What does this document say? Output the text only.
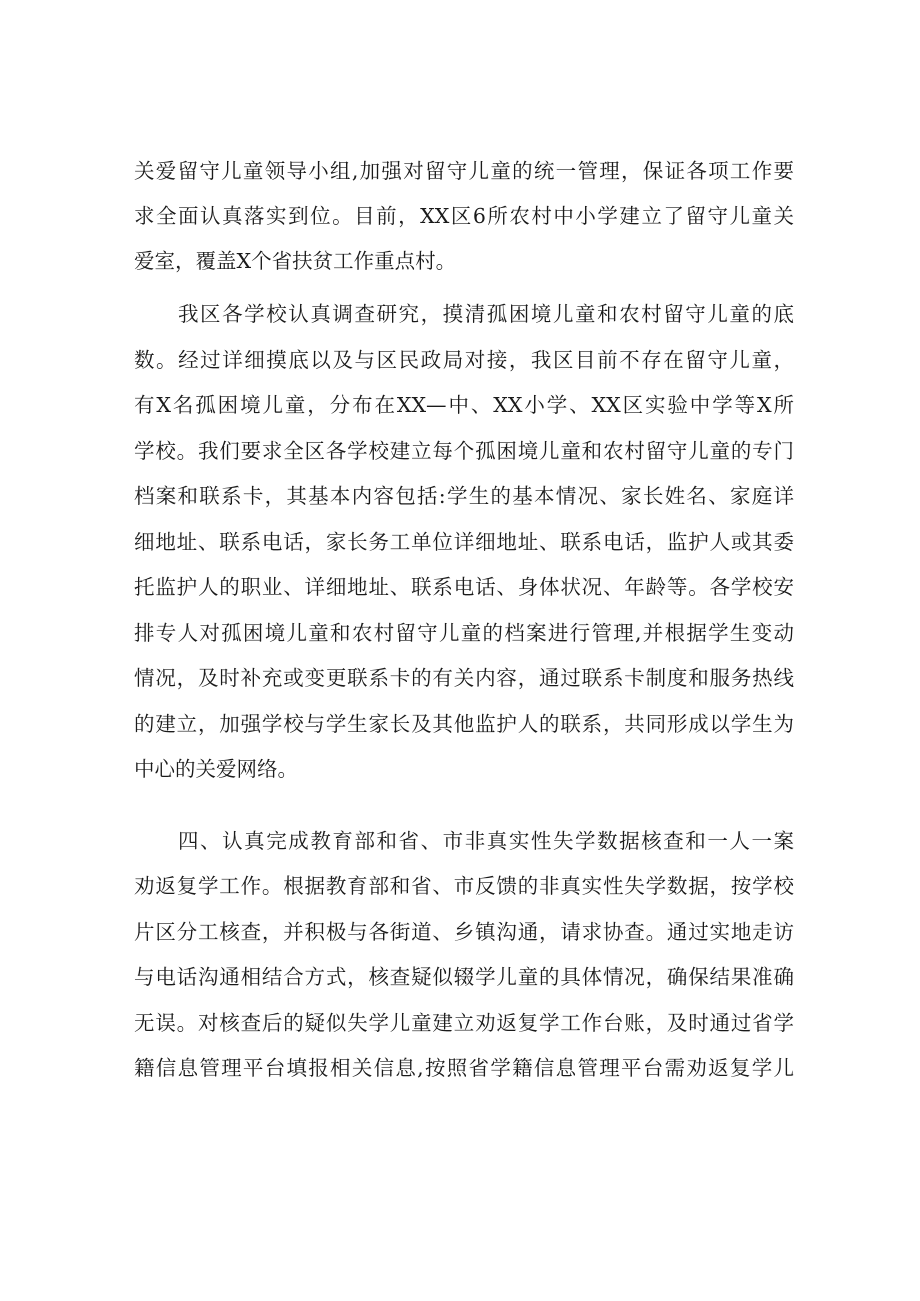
关爱留守儿童领导小组,加强对留守儿童的统一管理，保证各项工作要
求全面认真落实到位。目前，XX区6所农村中小学建立了留守儿童关
爱室，覆盖X个省扶贫工作重点村。
我区各学校认真调查研究，摸清孤困境儿童和农村留守儿童的底
数。经过详细摸底以及与区民政局对接，我区目前不存在留守儿童，
有X名孤困境儿童，分布在XX—中、XX小学、XX区实验中学等X所
学校。我们要求全区各学校建立每个孤困境儿童和农村留守儿童的专门
档案和联系卡，其基本内容包括:学生的基本情况、家长姓名、家庭详
细地址、联系电话，家长务工单位详细地址、联系电话，监护人或其委
托监护人的职业、详细地址、联系电话、身体状况、年龄等。各学校安
排专人对孤困境儿童和农村留守儿童的档案进行管理,并根据学生变动
情况，及时补充或变更联系卡的有关内容，通过联系卡制度和服务热线
的建立，加强学校与学生家长及其他监护人的联系，共同形成以学生为
中心的关爱网络。
四、认真完成教育部和省、市非真实性失学数据核查和一人一案
劝返复学工作。根据教育部和省、市反馈的非真实性失学数据，按学校
片区分工核查，并积极与各街道、乡镇沟通，请求协查。通过实地走访
与电话沟通相结合方式，核查疑似辍学儿童的具体情况，确保结果准确
无误。对核查后的疑似失学儿童建立劝返复学工作台账，及时通过省学
籍信息管理平台填报相关信息,按照省学籍信息管理平台需劝返复学儿
